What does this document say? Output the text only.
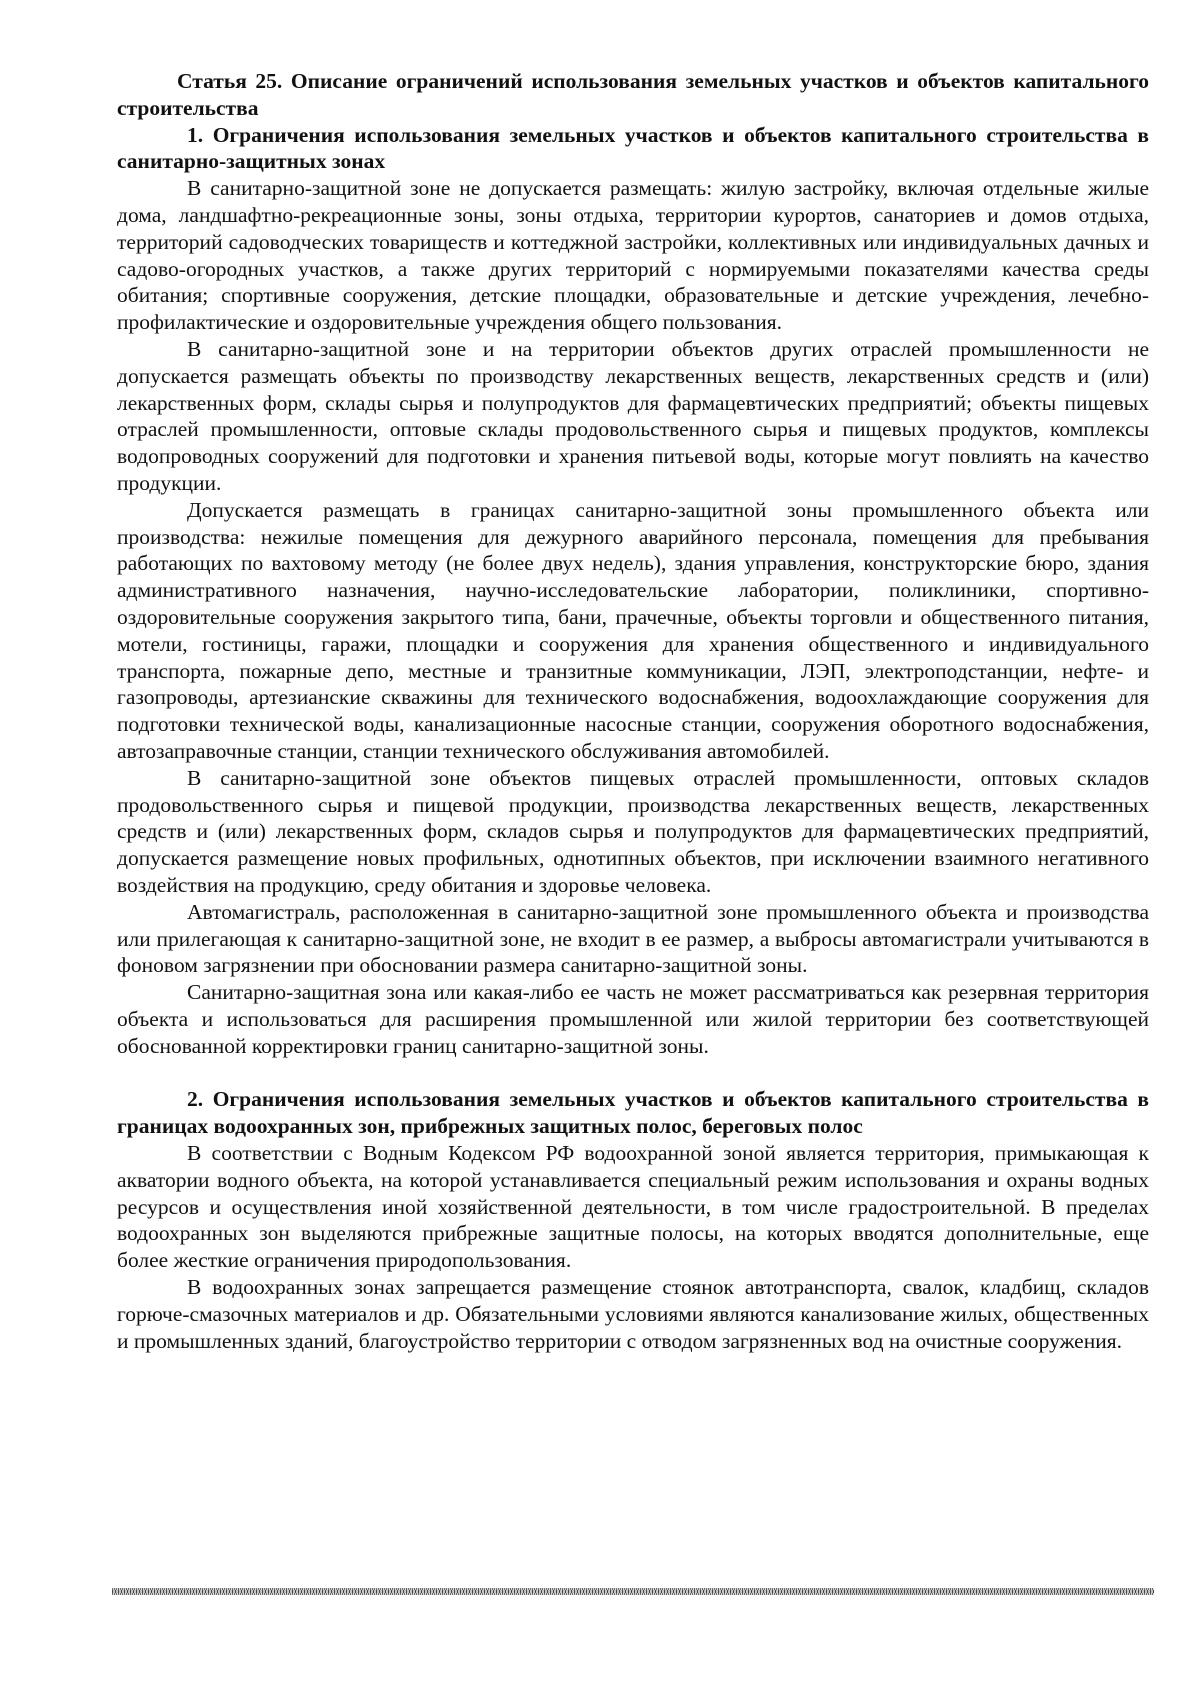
Статья 25. Описание ограничений использования земельных участков и объектов капитального строительства
1. Ограничения использования земельных участков и объектов капитального строительства в санитарно-защитных зонах

В санитарно-защитной зоне не допускается размещать: жилую застройку, включая отдельные жилые дома, ландшафтно-рекреационные зоны, зоны отдыха, территории курортов, санаториев и домов отдыха, территорий садоводческих товариществ и коттеджной застройки, коллективных или индивидуальных дачных и садово-огородных участков, а также других территорий с нормируемыми показателями качества среды обитания; спортивные сооружения, детские площадки, образовательные и детские учреждения, лечебно-профилактические и оздоровительные учреждения общего пользования.

В санитарно-защитной зоне и на территории объектов других отраслей промышленности не допускается размещать объекты по производству лекарственных веществ, лекарственных средств и (или) лекарственных форм, склады сырья и полупродуктов для фармацевтических предприятий; объекты пищевых отраслей промышленности, оптовые склады продовольственного сырья и пищевых продуктов, комплексы водопроводных сооружений для подготовки и хранения питьевой воды, которые могут повлиять на качество продукции.

Допускается размещать в границах санитарно-защитной зоны промышленного объекта или производства: нежилые помещения для дежурного аварийного персонала, помещения для пребывания работающих по вахтовому методу (не более двух недель), здания управления, конструкторские бюро, здания административного назначения, научно-исследовательские лаборатории, поликлиники, спортивно-оздоровительные сооружения закрытого типа, бани, прачечные, объекты торговли и общественного питания, мотели, гостиницы, гаражи, площадки и сооружения для хранения общественного и индивидуального транспорта, пожарные депо, местные и транзитные коммуникации, ЛЭП, электроподстанции, нефте- и газопроводы, артезианские скважины для технического водоснабжения, водоохлаждающие сооружения для подготовки технической воды, канализационные насосные станции, сооружения оборотного водоснабжения, автозаправочные станции, станции технического обслуживания автомобилей.

В санитарно-защитной зоне объектов пищевых отраслей промышленности, оптовых складов продовольственного сырья и пищевой продукции, производства лекарственных веществ, лекарственных средств и (или) лекарственных форм, складов сырья и полупродуктов для фармацевтических предприятий, допускается размещение новых профильных, однотипных объектов, при исключении взаимного негативного воздействия на продукцию, среду обитания и здоровье человека.

Автомагистраль, расположенная в санитарно-защитной зоне промышленного объекта и производства или прилегающая к санитарно-защитной зоне, не входит в ее размер, а выбросы автомагистрали учитываются в фоновом загрязнении при обосновании размера санитарно-защитной зоны.

Санитарно-защитная зона или какая-либо ее часть не может рассматриваться как резервная территория объекта и использоваться для расширения промышленной или жилой территории без соответствующей обоснованной корректировки границ санитарно-защитной зоны.

2. Ограничения использования земельных участков и объектов капитального строительства в границах водоохранных зон, прибрежных защитных полос, береговых полос

В соответствии с Водным Кодексом РФ водоохранной зоной является территория, примыкающая к акватории водного объекта, на которой устанавливается специальный режим использования и охраны водных ресурсов и осуществления иной хозяйственной деятельности, в том числе градостроительной. В пределах водоохранных зон выделяются прибрежные защитные полосы, на которых вводятся дополнительные, еще более жесткие ограничения природопользования.

В водоохранных зонах запрещается размещение стоянок автотранспорта, свалок, кладбищ, складов горюче-смазочных материалов и др. Обязательными условиями являются канализование жилых, общественных и промышленных зданий, благоустройство территории с отводом загрязненных вод на очистные сооружения.
